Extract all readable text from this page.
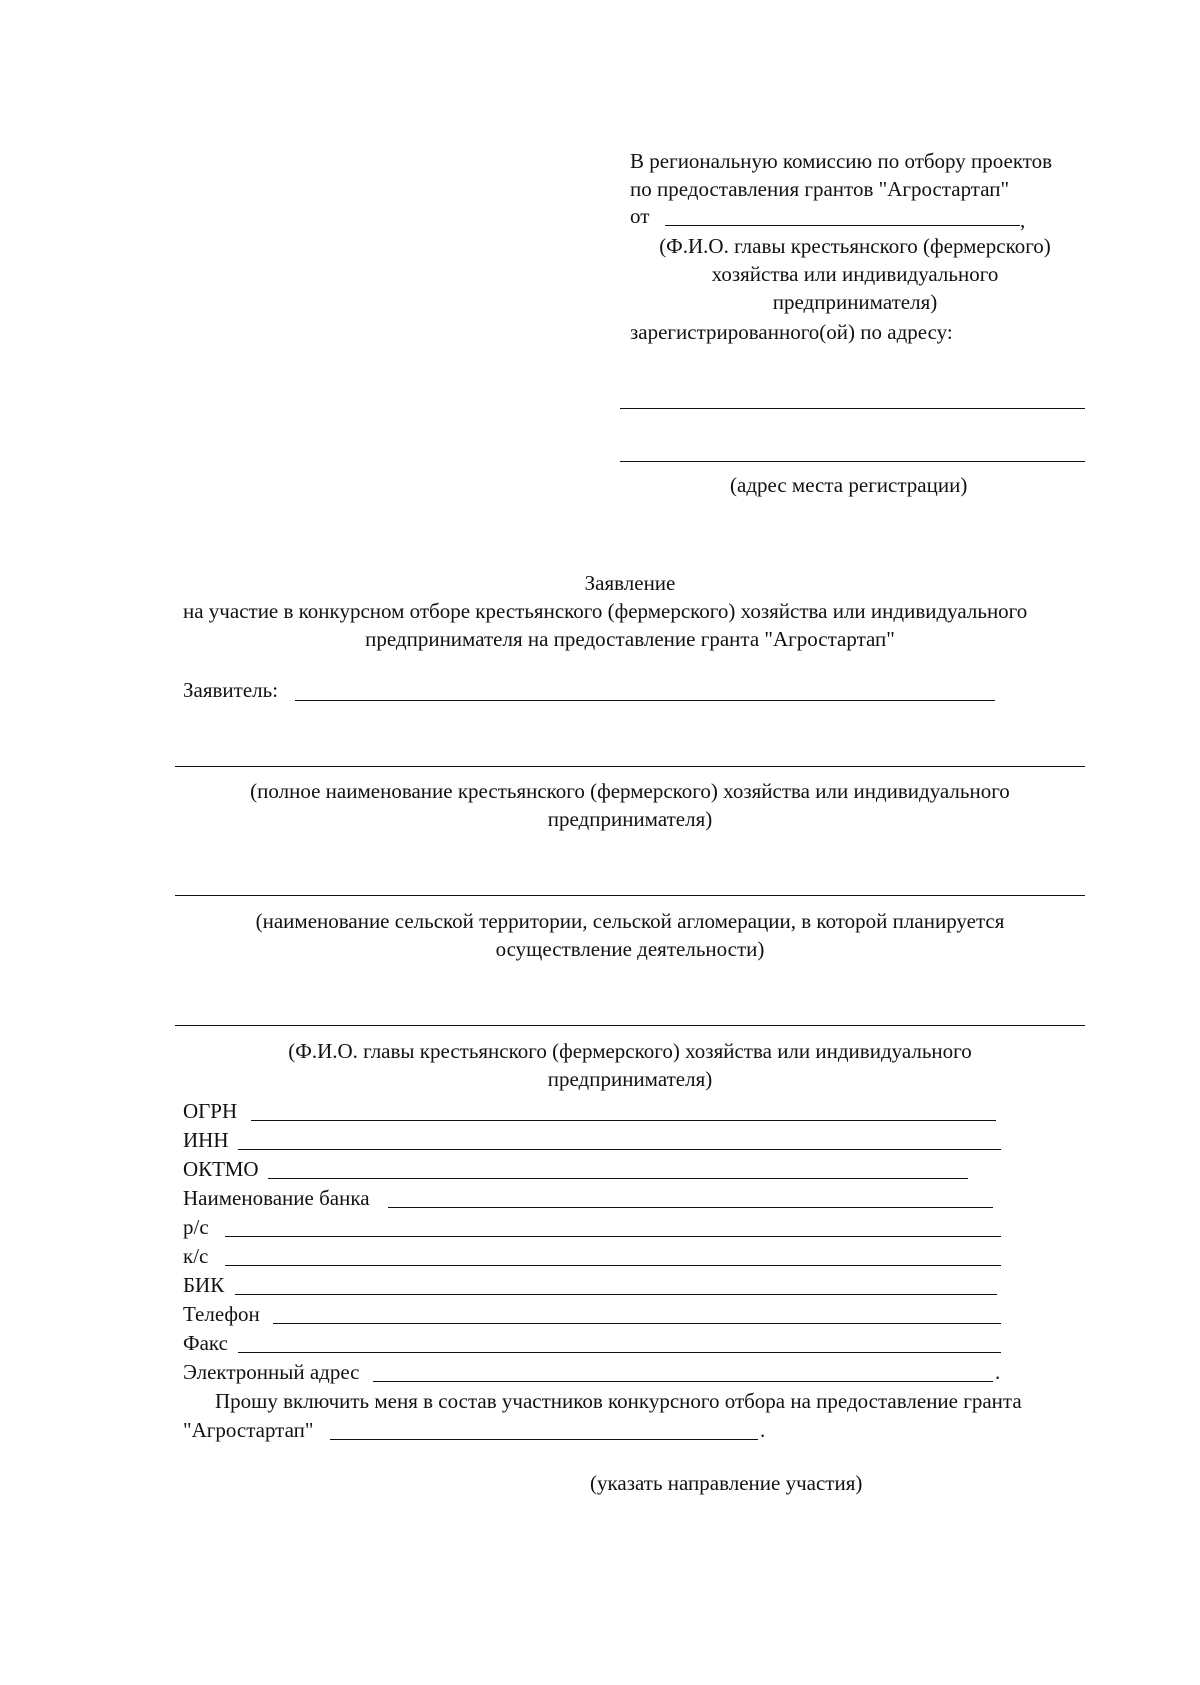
В региональную комиссию по отбору проектов
по предоставления грантов "Агростартап"
от	,
(Ф.И.О. главы крестьянского (фермерского)
хозяйства или индивидуального
предпринимателя)
зарегистрированного(ой) по адресу:
(адрес места регистрации)
Заявление
на участие в конкурсном отборе крестьянского (фермерского) хозяйства или индивидуального
предпринимателя на предоставление гранта "Агростартап"
Заявитель:
(полное наименование крестьянского (фермерского) хозяйства или индивидуального
предпринимателя)
(наименование сельской территории, сельской агломерации, в которой планируется
осуществление деятельности)
(Ф.И.О. главы крестьянского (фермерского) хозяйства или индивидуального
предпринимателя)
ОГРН
ИНН
ОКТМО
Наименование банка
р/с
к/с
БИК
Телефон
Факс
Электронный адрес	.
Прошу включить меня в состав участников конкурсного отбора на предоставление гранта
"Агростартап"	.
(указать направление участия)
